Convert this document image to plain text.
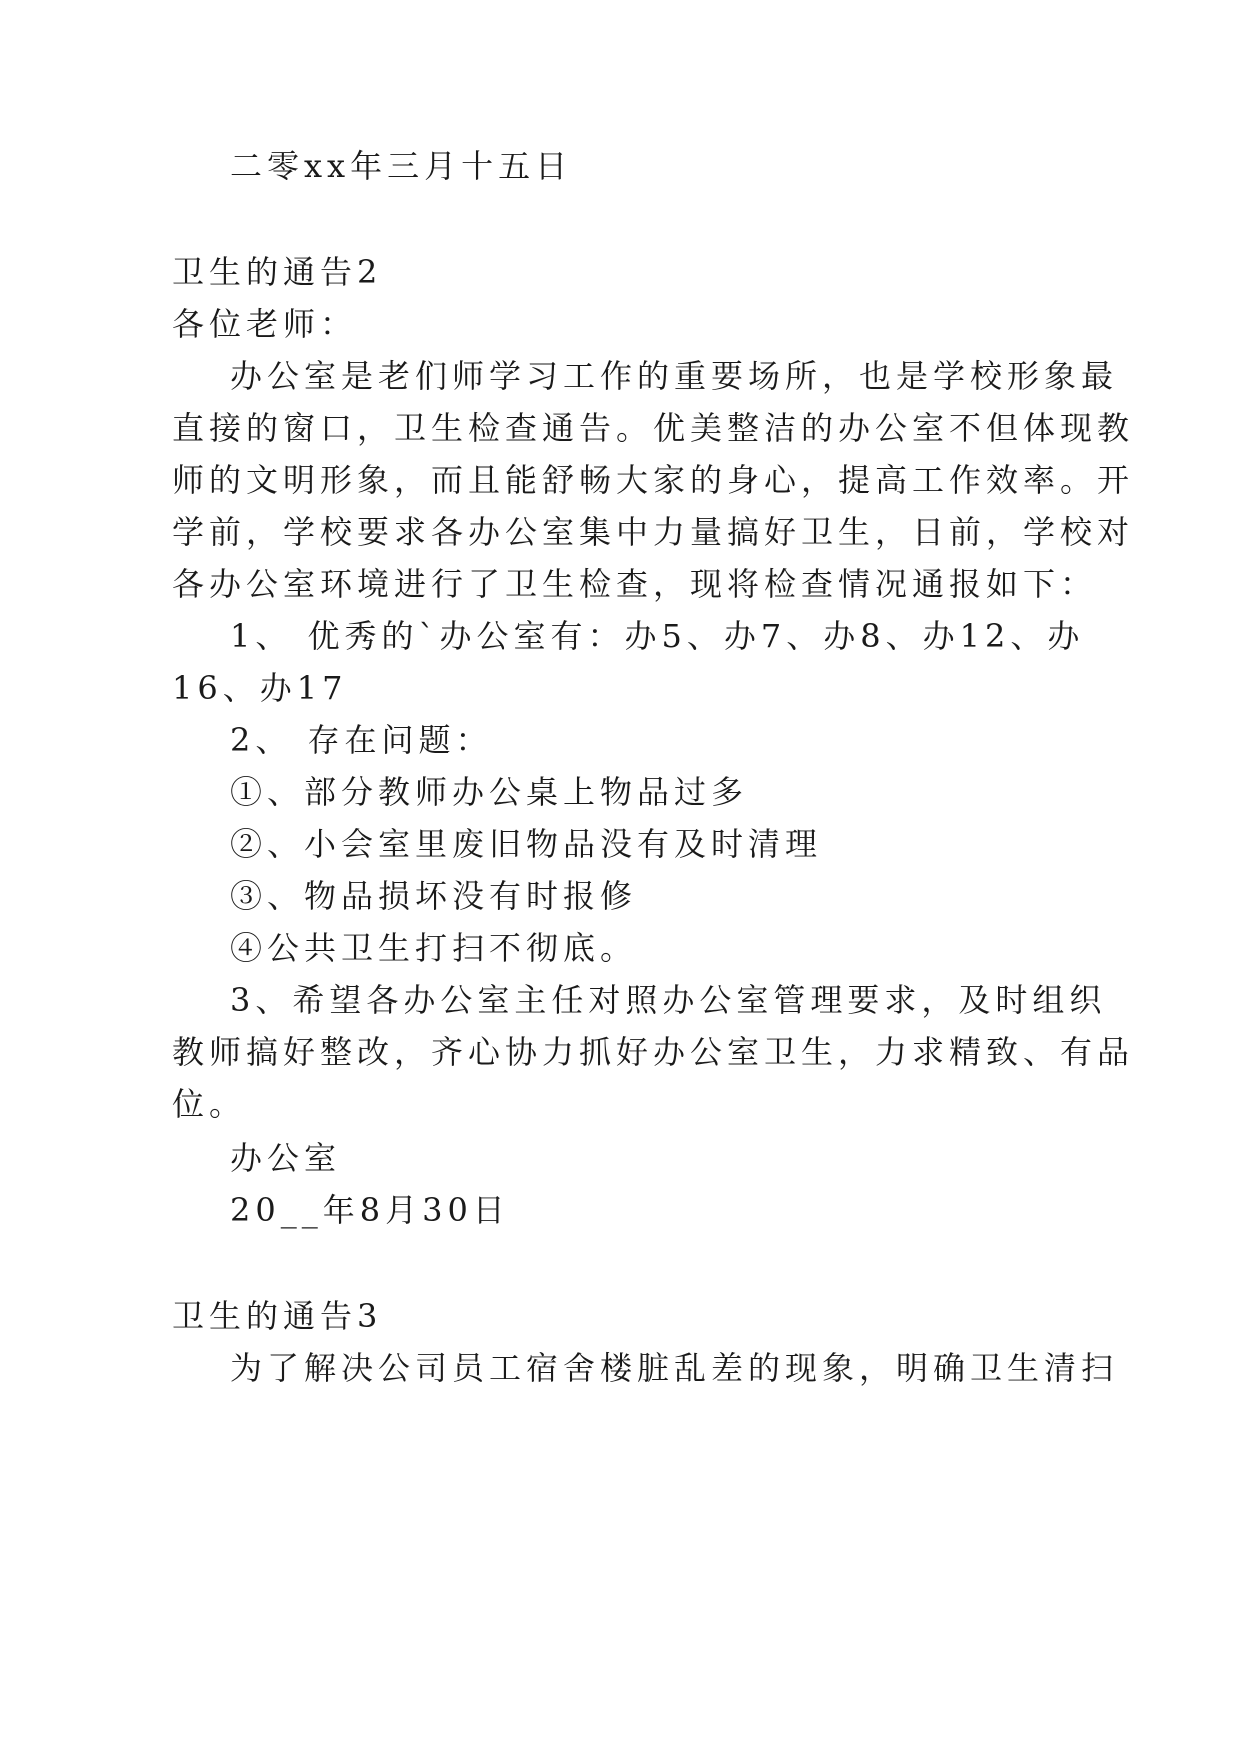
二零xx年三月十五日
卫生的通告2
各位老师：
办公室是老们师学习工作的重要场所，也是学校形象最
直接的窗口，卫生检查通告。优美整洁的办公室不但体现教
师的文明形象，而且能舒畅大家的身心，提高工作效率。开
学前，学校要求各办公室集中力量搞好卫生，日前，学校对
各办公室环境进行了卫生检查，现将检查情况通报如下：
1、 优秀的`办公室有：办5、办7、办8、办12、办
16、办17
2、 存在问题：
①、部分教师办公桌上物品过多
②、小会室里废旧物品没有及时清理
③、物品损坏没有时报修
④公共卫生打扫不彻底。
3、希望各办公室主任对照办公室管理要求，及时组织
教师搞好整改，齐心协力抓好办公室卫生，力求精致、有品
位。
办公室
20__年8月30日
卫生的通告3
为了解决公司员工宿舍楼脏乱差的现象，明确卫生清扫
